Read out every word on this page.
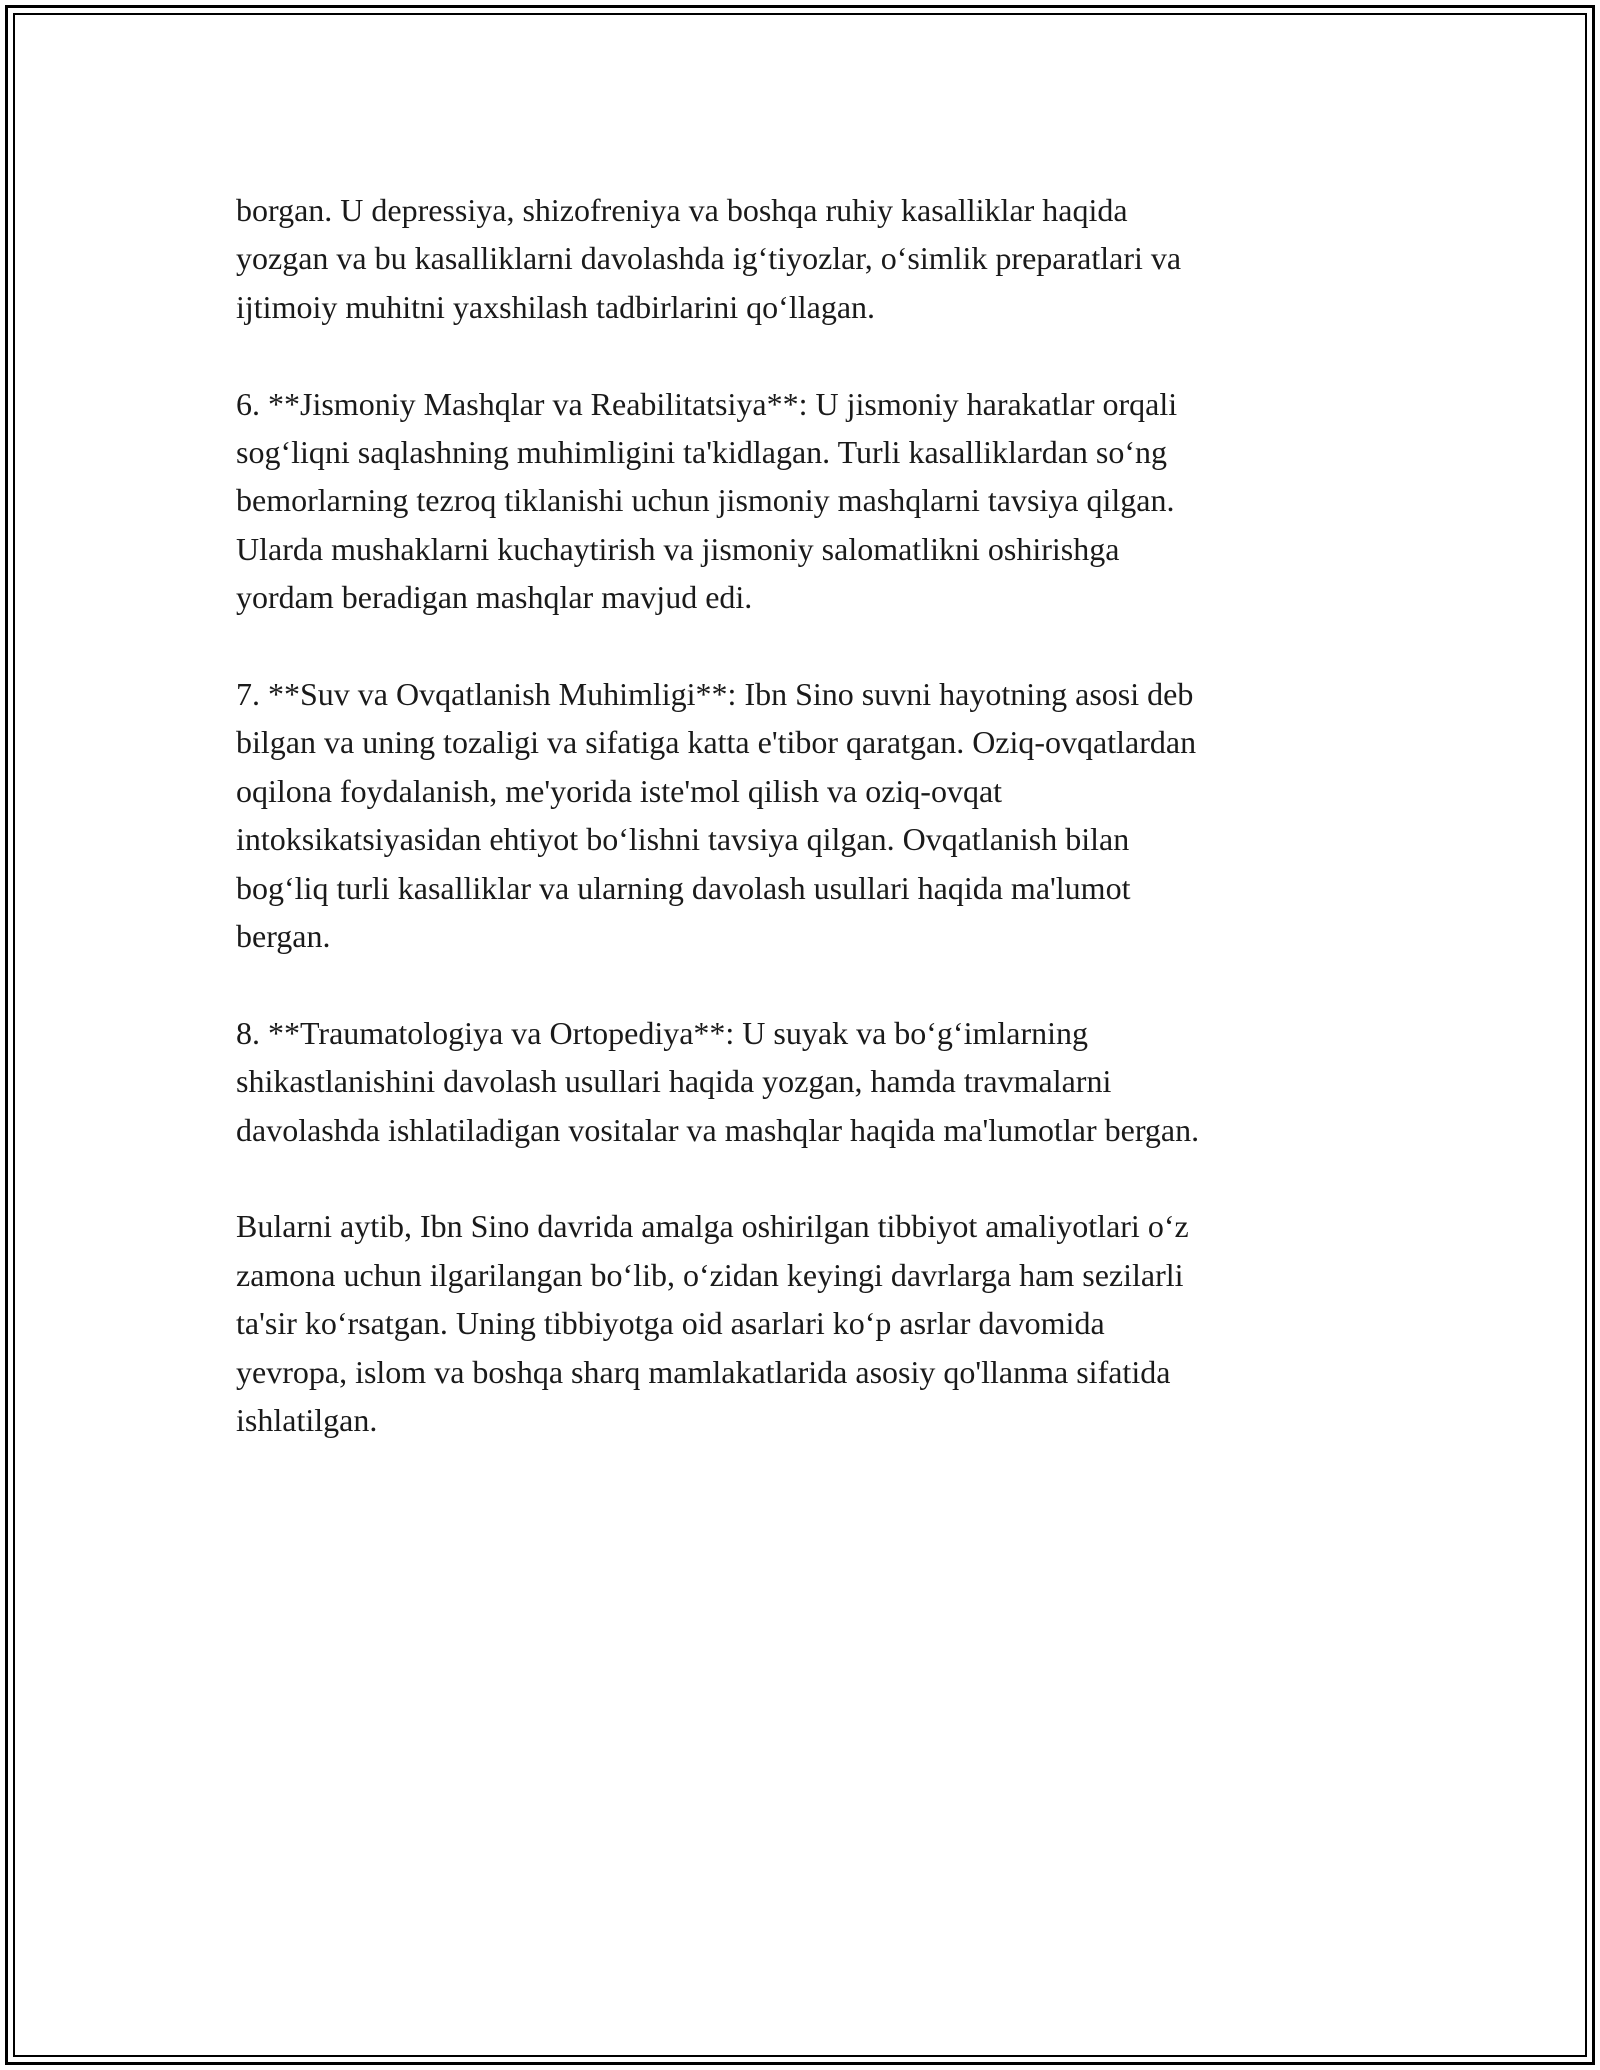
borgan. U depressiya, shizofreniya va boshqa ruhiy kasalliklar haqida
yozgan va bu kasalliklarni davolashda ig‘tiyozlar, o‘simlik preparatlari va
ijtimoiy muhitni yaxshilash tadbirlarini qo‘llagan.

6. **Jismoniy Mashqlar va Reabilitatsiya**: U jismoniy harakatlar orqali
sog‘liqni saqlashning muhimligini ta'kidlagan. Turli kasalliklardan so‘ng
bemorlarning tezroq tiklanishi uchun jismoniy mashqlarni tavsiya qilgan.
Ularda mushaklarni kuchaytirish va jismoniy salomatlikni oshirishga
yordam beradigan mashqlar mavjud edi.

7. **Suv va Ovqatlanish Muhimligi**: Ibn Sino suvni hayotning asosi deb
bilgan va uning tozaligi va sifatiga katta e'tibor qaratgan. Oziq-ovqatlardan
oqilona foydalanish, me'yorida iste'mol qilish va oziq-ovqat
intoksikatsiyasidan ehtiyot bo‘lishni tavsiya qilgan. Ovqatlanish bilan
bog‘liq turli kasalliklar va ularning davolash usullari haqida ma'lumot
bergan.

8. **Traumatologiya va Ortopediya**: U suyak va bo‘g‘imlarning
shikastlanishini davolash usullari haqida yozgan, hamda travmalarni
davolashda ishlatiladigan vositalar va mashqlar haqida ma'lumotlar bergan.

Bularni aytib, Ibn Sino davrida amalga oshirilgan tibbiyot amaliyotlari o‘z
zamona uchun ilgarilangan bo‘lib, o‘zidan keyingi davrlarga ham sezilarli
ta'sir ko‘rsatgan. Uning tibbiyotga oid asarlari ko‘p asrlar davomida
yevropa, islom va boshqa sharq mamlakatlarida asosiy qo'llanma sifatida
ishlatilgan.
